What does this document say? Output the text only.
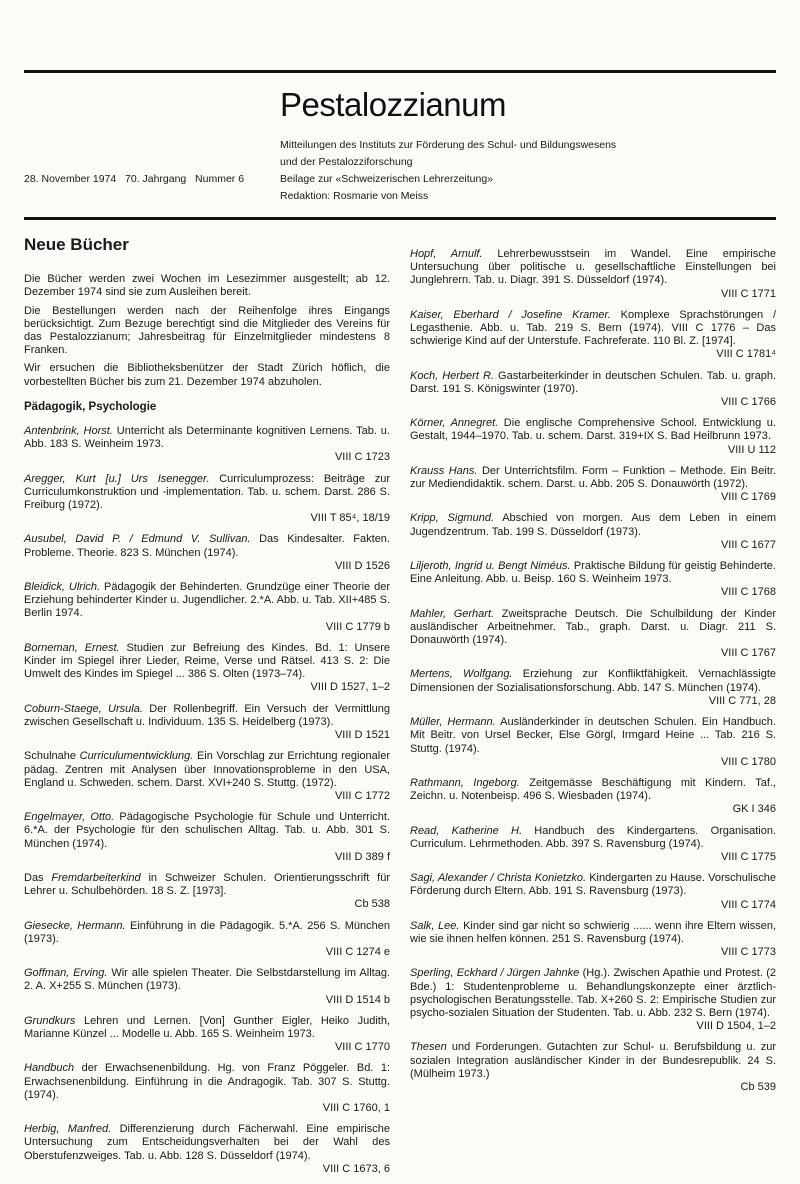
Pestalozzianum
Mitteilungen des Instituts zur Förderung des Schul- und Bildungswesens
und der Pestalozziforschung
Beilage zur «Schweizerischen Lehrerzeitung»
Redaktion: Rosmarie von Meiss
28. November 1974   70. Jahrgang   Nummer 6
Neue Bücher

Die Bücher werden zwei Wochen im Lesezimmer ausgestellt; ab 12. Dezember 1974 sind sie zum Ausleihen bereit.

Die Bestellungen werden nach der Reihenfolge ihres Eingangs berücksichtigt. Zum Bezuge berechtigt sind die Mitglieder des Vereins für das Pestalozzianum; Jahresbeitrag für Einzelmitglieder mindestens 8 Franken.

Wir ersuchen die Bibliotheksbenützer der Stadt Zürich höflich, die vorbestellten Bücher bis zum 21. Dezember 1974 abzuholen.

Pädagogik, Psychologie
Antenbrink, Horst. Unterricht als Determinante kognitiven Lernens. Tab. u. Abb. 183 S. Weinheim 1973.
VIII C 1723
Aregger, Kurt [u.] Urs Isenegger. Curriculumprozess: Beiträge zur Curriculumkonstruktion und -implementation. Tab. u. schem. Darst. 286 S. Freiburg (1972).
VIII T 85⁴, 18/19
Ausubel, David P. / Edmund V. Sullivan. Das Kindesalter. Fakten. Probleme. Theorie. 823 S. München (1974).
VIII D 1526
Bleidick, Ulrich. Pädagogik der Behinderten. Grundzüge einer Theorie der Erziehung behinderter Kinder u. Jugendlicher. 2.*A. Abb. u. Tab. XII+485 S. Berlin 1974.
VIII C 1779 b
Borneman, Ernest. Studien zur Befreiung des Kindes. Bd. 1: Unsere Kinder im Spiegel ihrer Lieder, Reime, Verse und Rätsel. 413 S. 2: Die Umwelt des Kindes im Spiegel ... 386 S. Olten (1973–74).
VIII D 1527, 1–2
Coburn-Staege, Ursula. Der Rollenbegriff. Ein Versuch der Vermittlung zwischen Gesellschaft u. Individuum. 135 S. Heidelberg (1973).
VIII D 1521
Schulnahe Curriculumentwicklung. Ein Vorschlag zur Errichtung regionaler pädag. Zentren mit Analysen über Innovationsprobleme in den USA, England u. Schweden. schem. Darst. XVI+240 S. Stuttg. (1972).
VIII C 1772
Engelmayer, Otto. Pädagogische Psychologie für Schule und Unterricht. 6.*A. der Psychologie für den schulischen Alltag. Tab. u. Abb. 301 S. München (1974).
VIII D 389 f
Das Fremdarbeiterkind in Schweizer Schulen. Orientierungsschrift für Lehrer u. Schulbehörden. 18 S. Z. [1973].
Cb 538
Giesecke, Hermann. Einführung in die Pädagogik. 5.*A. 256 S. München (1973).
VIII C 1274 e
Goffman, Erving. Wir alle spielen Theater. Die Selbstdarstellung im Alltag. 2. A. X+255 S. München (1973).
VIII D 1514 b
Grundkurs Lehren und Lernen. [Von] Gunther Eigler, Heiko Judith, Marianne Künzel ... Modelle u. Abb. 165 S. Weinheim 1973.
VIII C 1770
Handbuch der Erwachsenenbildung. Hg. von Franz Pöggeler. Bd. 1: Erwachsenenbildung. Einführung in die Andragogik. Tab. 307 S. Stuttg. (1974).
VIII C 1760, 1
Herbig, Manfred. Differenzierung durch Fächerwahl. Eine empirische Untersuchung zum Entscheidungsverhalten bei der Wahl des Oberstufenzweiges. Tab. u. Abb. 128 S. Düsseldorf (1974).
VIII C 1673, 6
Hopf, Arnulf. Lehrerbewusstsein im Wandel. Eine empirische Untersuchung über politische u. gesellschaftliche Einstellungen bei Junglehrern. Tab. u. Diagr. 391 S. Düsseldorf (1974).
VIII C 1771
Kaiser, Eberhard / Josefine Kramer. Komplexe Sprachstörungen / Legasthenie. Abb. u. Tab. 219 S. Bern (1974). VIII C 1776 – Das schwierige Kind auf der Unterstufe. Fachreferate. 110 Bl. Z. [1974].
VIII C 1781⁴
Koch, Herbert R. Gastarbeiterkinder in deutschen Schulen. Tab. u. graph. Darst. 191 S. Königswinter (1970).
VIII C 1766
Körner, Annegret. Die englische Comprehensive School. Entwicklung u. Gestalt, 1944–1970. Tab. u. schem. Darst. 319+IX S. Bad Heilbrunn 1973.
VIII U 112
Krauss Hans. Der Unterrichtsfilm. Form – Funktion – Methode. Ein Beitr. zur Mediendidaktik. schem. Darst. u. Abb. 205 S. Donauwörth (1972).
VIII C 1769
Kripp, Sigmund. Abschied von morgen. Aus dem Leben in einem Jugendzentrum. Tab. 199 S. Düsseldorf (1973).
VIII C 1677
Liljeroth, Ingrid u. Bengt Niméus. Praktische Bildung für geistig Behinderte. Eine Anleitung. Abb. u. Beisp. 160 S. Weinheim 1973.
VIII C 1768
Mahler, Gerhart. Zweitsprache Deutsch. Die Schulbildung der Kinder ausländischer Arbeitnehmer. Tab., graph. Darst. u. Diagr. 211 S. Donauwörth (1974).
VIII C 1767
Mertens, Wolfgang. Erziehung zur Konfliktfähigkeit. Vernachlässigte Dimensionen der Sozialisationsforschung. Abb. 147 S. München (1974).
VIII C 771, 28
Müller, Hermann. Ausländerkinder in deutschen Schulen. Ein Handbuch. Mit Beitr. von Ursel Becker, Else Görgl, Irmgard Heine ... Tab. 216 S. Stuttg. (1974).
VIII C 1780
Rathmann, Ingeborg. Zeitgemässe Beschäftigung mit Kindern. Taf., Zeichn. u. Notenbeisp. 496 S. Wiesbaden (1974).
GK I 346
Read, Katherine H. Handbuch des Kindergartens. Organisation. Curriculum. Lehrmethoden. Abb. 397 S. Ravensburg (1974).
VIII C 1775
Sagi, Alexander / Christa Konietzko. Kindergarten zu Hause. Vorschulische Förderung durch Eltern. Abb. 191 S. Ravensburg (1973).
VIII C 1774
Salk, Lee. Kinder sind gar nicht so schwierig ...... wenn ihre Eltern wissen, wie sie ihnen helfen können. 251 S. Ravensburg (1974).
VIII C 1773
Sperling, Eckhard / Jürgen Jahnke (Hg.). Zwischen Apathie und Protest. (2 Bde.) 1: Studentenprobleme u. Behandlungskonzepte einer ärztlich-psychologischen Beratungsstelle. Tab. X+260 S. 2: Empirische Studien zur psycho-sozialen Situation der Studenten. Tab. u. Abb. 232 S. Bern (1974).
VIII D 1504, 1–2
Thesen und Forderungen. Gutachten zur Schul- u. Berufsbildung u. zur sozialen Integration ausländischer Kinder in der Bundesrepublik. 24 S. (Mülheim 1973.)
Cb 539
